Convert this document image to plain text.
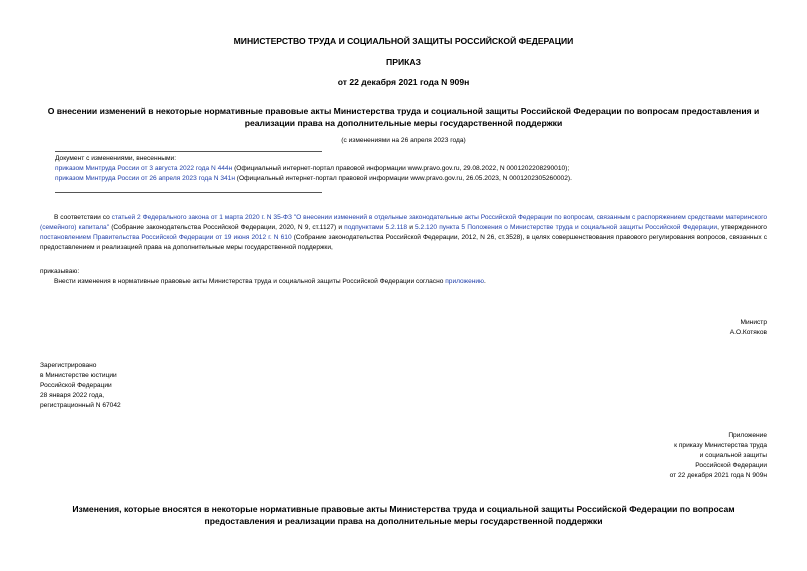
МИНИСТЕРСТВО ТРУДА И СОЦИАЛЬНОЙ ЗАЩИТЫ РОССИЙСКОЙ ФЕДЕРАЦИИ
ПРИКАЗ
от 22 декабря 2021 года N 909н
О внесении изменений в некоторые нормативные правовые акты Министерства труда и социальной защиты Российской Федерации по вопросам предоставления и реализации права на дополнительные меры государственной поддержки
(с изменениями на 26 апреля 2023 года)

Документ с изменениями, внесенными:

приказом Минтруда России от 3 августа 2022 года N 444н (Официальный интернет-портал правовой информации www.pravo.gov.ru, 29.08.2022, N 0001202208290010);

приказом Минтруда России от 26 апреля 2023 года N 341н (Официальный интернет-портал правовой информации www.pravo.gov.ru, 26.05.2023, N 0001202305260002).

В соответствии со статьей 2 Федерального закона от 1 марта 2020 г. N 35-ФЗ "О внесении изменений в отдельные законодательные акты Российской Федерации по вопросам, связанным с распоряжением средствами материнского (семейного) капитала" (Собрание законодательства Российской Федерации, 2020, N 9, ст.1127) и подпунктами 5.2.118 и 5.2.120 пункта 5 Положения о Министерстве труда и социальной защиты Российской Федерации, утвержденного постановлением Правительства Российской Федерации от 19 июня 2012 г. N 610 (Собрание законодательства Российской Федерации, 2012, N 26, ст.3528), в целях совершенствования правового регулирования вопросов, связанных с предоставлением и реализацией права на дополнительные меры государственной поддержки,
приказываю:
Внести изменения в нормативные правовые акты Министерства труда и социальной защиты Российской Федерации согласно приложению.

Министр

А.О.Котяков

Зарегистрировано

в Министерстве юстиции

Российской Федерации

28 января 2022 года,

регистрационный N 67042

Приложение

к приказу Министерства труда

и социальной защиты

Российской Федерации

от 22 декабря 2021 года N 909н

Изменения, которые вносятся в некоторые нормативные правовые акты Министерства труда и социальной защиты Российской Федерации по вопросам предоставления и реализации права на дополнительные меры государственной поддержки
